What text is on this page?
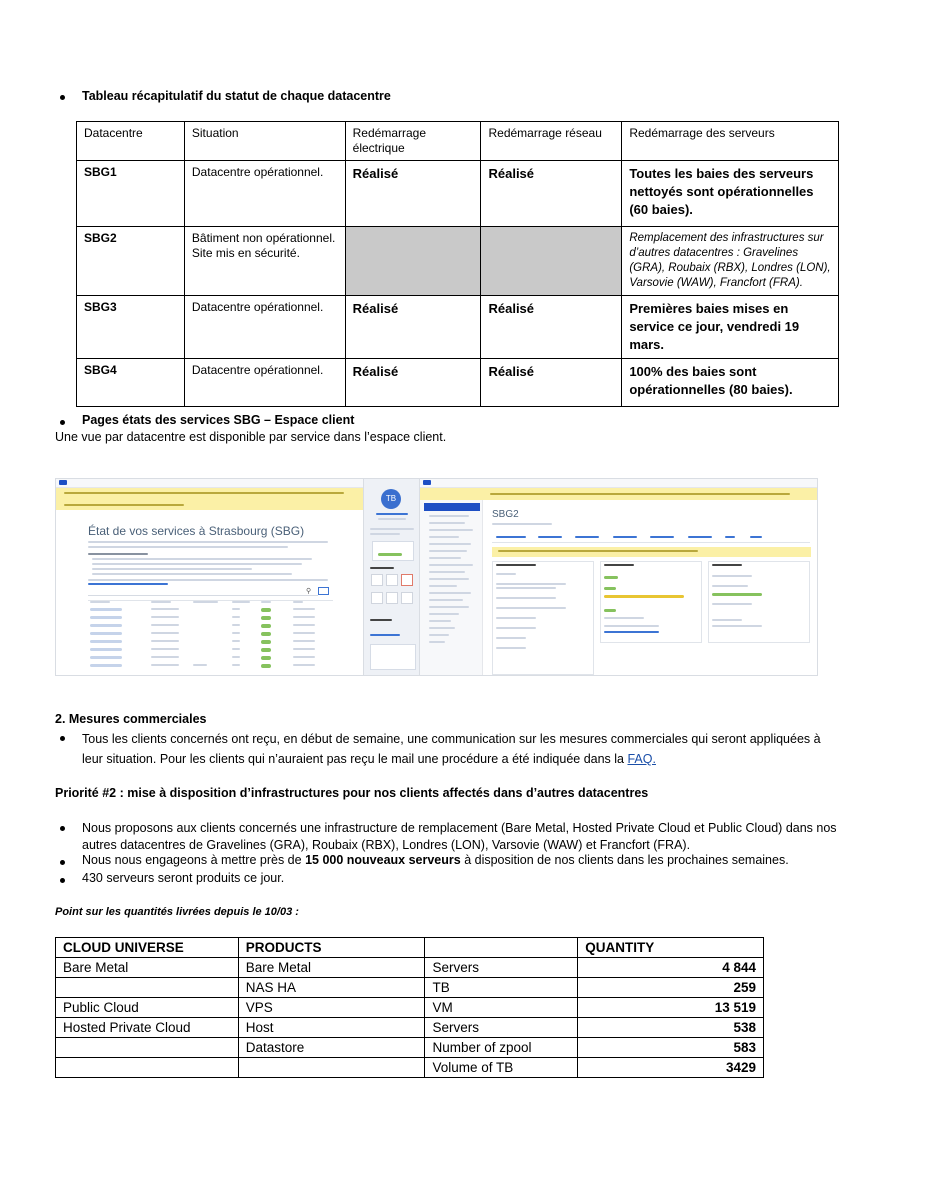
Tableau récapitulatif du statut de chaque datacentre
Datacentre	Situation	Redémarrage électrique	Redémarrage réseau	Redémarrage des serveurs
SBG1	Datacentre opérationnel.	Réalisé	Réalisé	Toutes les baies des serveurs nettoyés sont opérationnelles (60 baies).
SBG2	Bâtiment non opérationnel. Site mis en sécurité.			Remplacement des infrastructures sur d’autres datacentres : Gravelines (GRA), Roubaix (RBX), Londres (LON), Varsovie (WAW), Francfort (FRA).
SBG3	Datacentre opérationnel.	Réalisé	Réalisé	Premières baies mises en service ce jour, vendredi 19 mars.
SBG4	Datacentre opérationnel.	Réalisé	Réalisé	100% des baies sont opérationnelles (80 baies).
Pages états des services SBG – Espace client
Une vue par datacentre est disponible par service dans l’espace client.
État de vos services à Strasbourg (SBG)
⚲
TB
SBG2
2. Mesures commerciales
Tous les clients concernés ont reçu, en début de semaine, une communication sur les mesures commerciales qui seront appliquées à leur situation. Pour les clients qui n’auraient pas reçu le mail une procédure a été indiquée dans la FAQ.
Priorité #2 : mise à disposition d’infrastructures pour nos clients affectés dans d’autres datacentres
Nous proposons aux clients concernés une infrastructure de remplacement (Bare Metal, Hosted Private Cloud et Public Cloud) dans nos autres datacentres de Gravelines (GRA), Roubaix (RBX), Londres (LON), Varsovie (WAW) et Francfort (FRA).
Nous nous engageons à mettre près de 15 000 nouveaux serveurs à disposition de nos clients dans les prochaines semaines.
430 serveurs seront produits ce jour.
Point sur les quantités livrées depuis le 10/03 :
CLOUD UNIVERSE	PRODUCTS		QUANTITY
Bare Metal	Bare Metal	Servers	4 844
	NAS HA	TB	259
Public Cloud	VPS	VM	13 519
Hosted Private Cloud	Host	Servers	538
	Datastore	Number of zpool	583
		Volume of TB	3429
